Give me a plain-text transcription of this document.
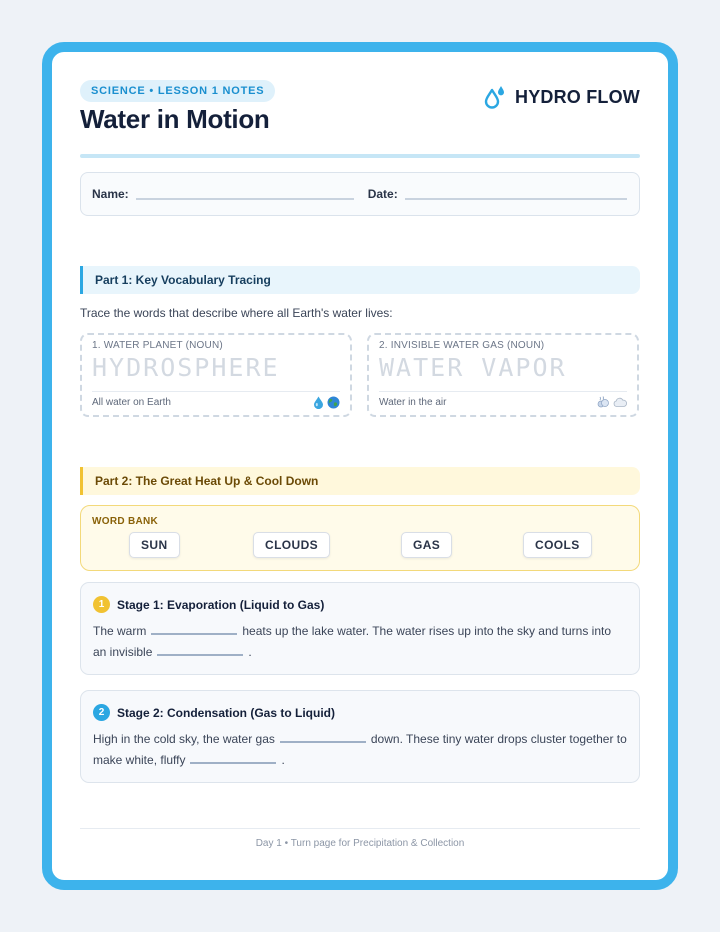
SCIENCE • LESSON 1 NOTES
Water in Motion
HYDRO FLOW
Name:	Date:
Part 1: Key Vocabulary Tracing
Trace the words that describe where all Earth's water lives:
1. WATER PLANET (NOUN)
HYDROSPHERE
All water on Earth
2. INVISIBLE WATER GAS (NOUN)
WATER VAPOR
Water in the air
Part 2: The Great Heat Up & Cool Down
WORD BANK
SUN	CLOUDS	GAS	COOLS
1	Stage 1: Evaporation (Liquid to Gas)
The warm	heats up the lake water. The water rises up into the sky and turns into an invisible	.
2	Stage 2: Condensation (Gas to Liquid)
High in the cold sky, the water gas	down. These tiny water drops cluster together to make white, fluffy	.
Day 1 • Turn page for Precipitation & Collection
